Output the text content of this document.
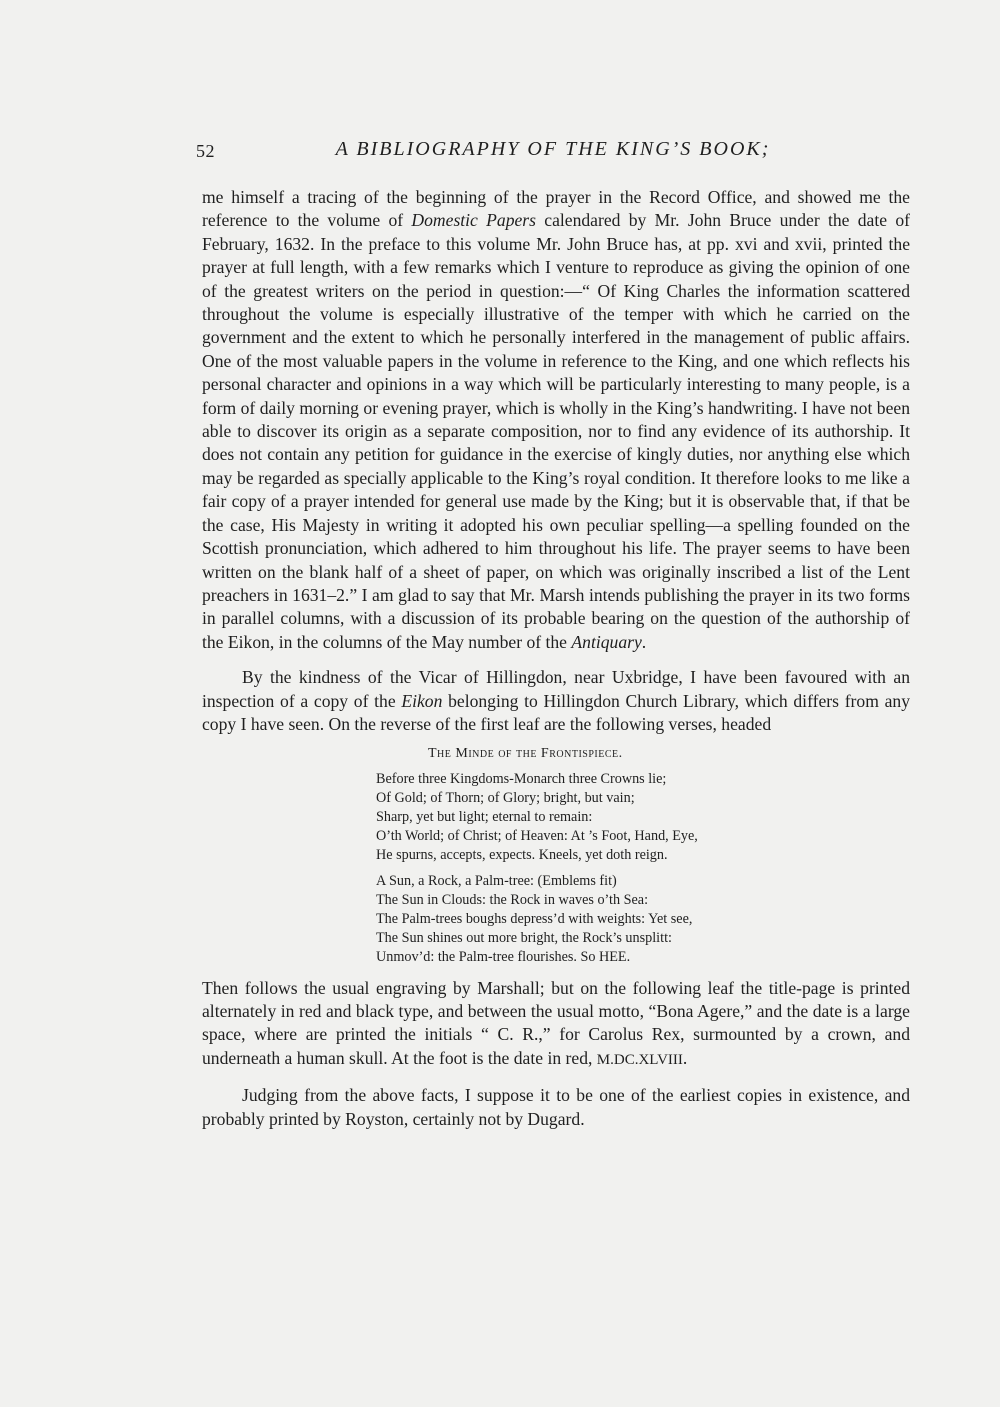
52	A BIBLIOGRAPHY OF THE KING’S BOOK;

me himself a tracing of the beginning of the prayer in the Record Office, and showed me the reference to the volume of Domestic Papers calendared by Mr. John Bruce under the date of February, 1632. In the preface to this volume Mr. John Bruce has, at pp. xvi and xvii, printed the prayer at full length, with a few remarks which I venture to reproduce as giving the opinion of one of the greatest writers on the period in question:—“ Of King Charles the information scattered throughout the volume is especially illustrative of the temper with which he carried on the government and the extent to which he personally interfered in the management of public affairs. One of the most valuable papers in the volume in reference to the King, and one which reflects his personal character and opinions in a way which will be particularly interesting to many people, is a form of daily morning or evening prayer, which is wholly in the King’s handwriting. I have not been able to discover its origin as a separate composition, nor to find any evidence of its authorship. It does not contain any petition for guidance in the exercise of kingly duties, nor anything else which may be regarded as specially applicable to the King’s royal condition. It therefore looks to me like a fair copy of a prayer intended for general use made by the King; but it is observable that, if that be the case, His Majesty in writing it adopted his own peculiar spelling—a spelling founded on the Scottish pronunciation, which adhered to him throughout his life. The prayer seems to have been written on the blank half of a sheet of paper, on which was originally inscribed a list of the Lent preachers in 1631–2.” I am glad to say that Mr. Marsh intends publishing the prayer in its two forms in parallel columns, with a discussion of its probable bearing on the question of the authorship of the Eikon, in the columns of the May number of the Antiquary.

By the kindness of the Vicar of Hillingdon, near Uxbridge, I have been favoured with an inspection of a copy of the Eikon belonging to Hillingdon Church Library, which differs from any copy I have seen. On the reverse of the first leaf are the following verses, headed

The Minde of the Frontispiece.
Before three Kingdoms-Monarch three Crowns lie;
Of Gold; of Thorn; of Glory; bright, but vain;
Sharp, yet but light; eternal to remain:
O’th World; of Christ; of Heaven: At ’s Foot, Hand, Eye,
He spurns, accepts, expects. Kneels, yet doth reign.
A Sun, a Rock, a Palm-tree: (Emblems fit)
The Sun in Clouds: the Rock in waves o’th Sea:
The Palm-trees boughs depress’d with weights: Yet see,
The Sun shines out more bright, the Rock’s unsplitt:
Unmov’d: the Palm-tree flourishes. So HEE.

Then follows the usual engraving by Marshall; but on the following leaf the title-page is printed alternately in red and black type, and between the usual motto, “Bona Agere,” and the date is a large space, where are printed the initials “ C. R.,” for Carolus Rex, surmounted by a crown, and underneath a human skull. At the foot is the date in red, M.DC.XLVIII.

Judging from the above facts, I suppose it to be one of the earliest copies in existence, and probably printed by Royston, certainly not by Dugard.
